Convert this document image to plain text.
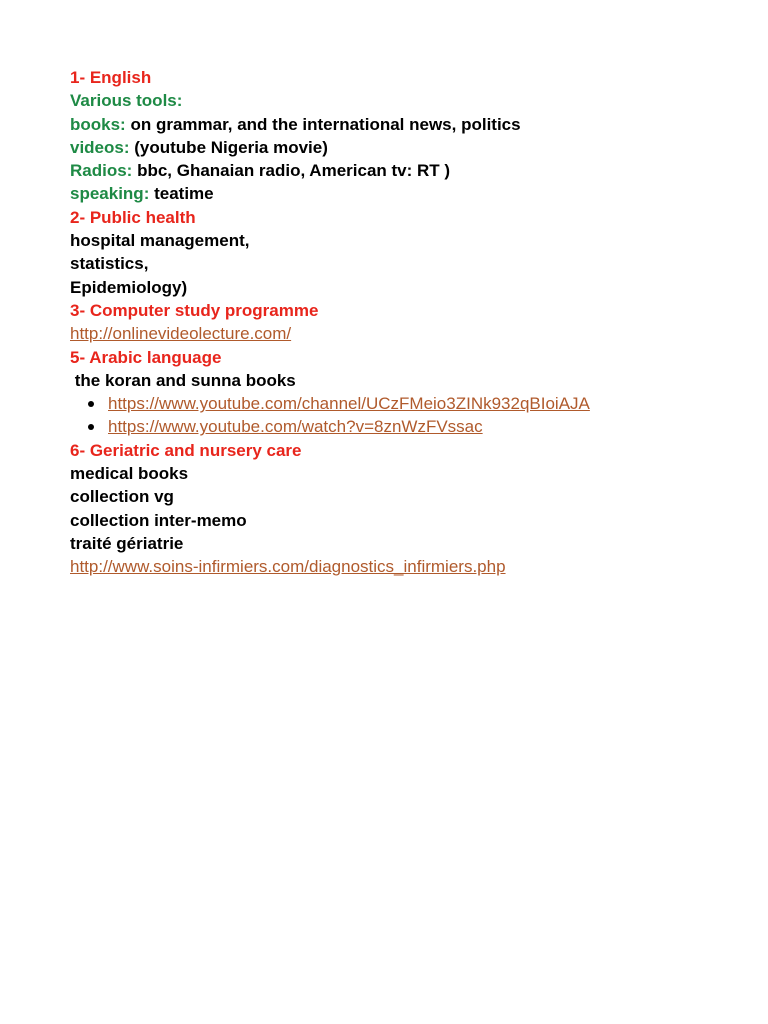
1- English

Various tools:

books: on grammar, and the international news, politics

videos: (youtube Nigeria movie)

Radios: bbc, Ghanaian radio, American tv: RT )

speaking: teatime

2- Public health

hospital management,

statistics,

Epidemiology)

3- Computer study programme

http://onlinevideolecture.com/

5- Arabic language

the koran and sunna books

https://www.youtube.com/channel/UCzFMeio3ZINk932qBIoiAJA
https://www.youtube.com/watch?v=8znWzFVssac

6- Geriatric and nursery care

medical books

collection vg

collection inter-memo

traité gériatrie

http://www.soins-infirmiers.com/diagnostics_infirmiers.php
